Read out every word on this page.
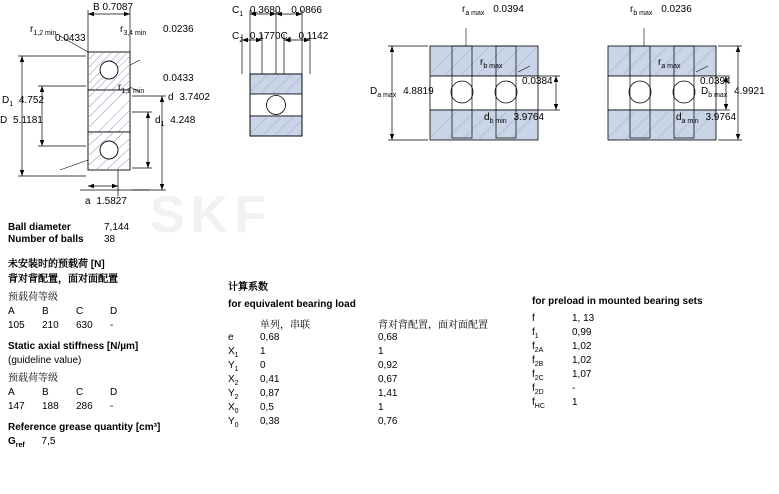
B 0.7087
$r_{1,2 min}$
0.0433
$r_{3,4 min}$ 0.0236
$r_{1,2 min}$
0.0433
$D_1$ 4.752
D 5.1181
d 3.7402
$d_1$ 4.248
a 1.5827
$C_1$ 0.3680 0.0866
$C_2$ $0.1770C_3$ 0.1142
$r_{a max}$ 0.0394
$r_{b max}$
0.0384
$D_{a max}$ 4.8819
$d_{b min}$ 3.9764
$r_{b max}$ 0.0236
$r_{a max}$
0.0394
$D_{b max}$ 4.9921
$d_{a min}$ 3.9764
SKF
Ball diameter	7,144
Number of balls 38
未安装时的预载荷 [N]
背对背配置，面对面配置
预载荷等级
A	B	C	D
105 210 630 -
Static axial stiffness [N/µm]
(guideline value)
预载荷等级
A	B	C	D
147 188 286 -
Reference grease quantity [cm³]
$G_{ref}$ 7,5
计算系数
for equivalent bearing load
	单列，串联	背对背配置，面对面配置
e	0,68	0,68
$X_1$	1	1
$Y_1$	0	0,92
$X_2$	0,41	0,67
$Y_2$	0,87	1,41
$X_0$	0,5	1
$Y_0$	0,38	0,76
for preload in mounted bearing sets
f	1, 13
$f_1$	0,99
$f_{2A}$	1,02
$f_{2B}$	1,02
$f_{2C}$	1,07
$f_{2D}$	-
$f_{HC}$	1
